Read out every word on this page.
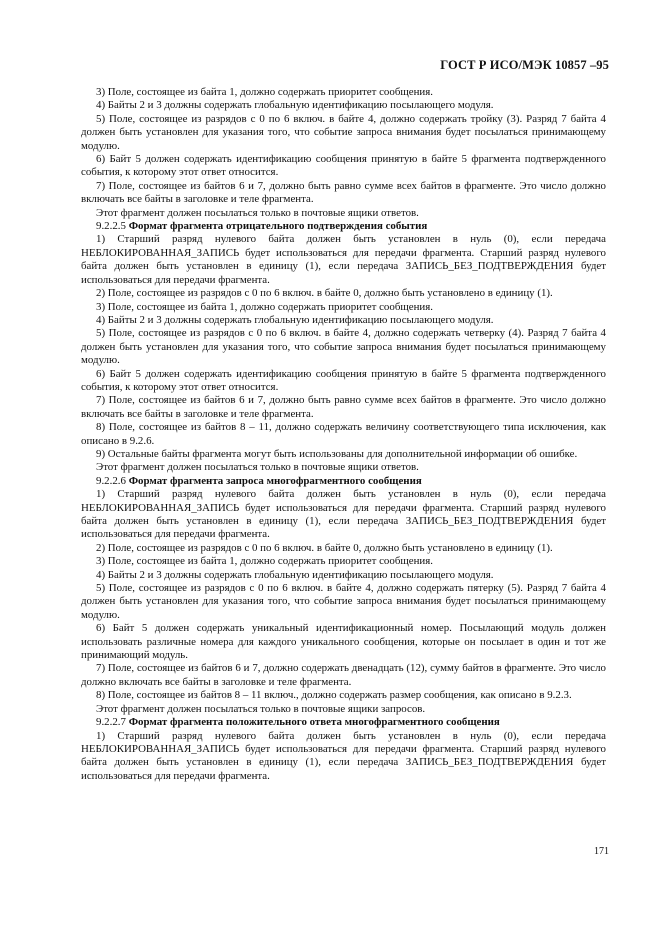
ГОСТ Р ИСО/МЭК 10857 –95

3) Поле, состоящее из байта 1, должно содержать приоритет сообщения.

4) Байты 2 и 3 должны содержать глобальную идентификацию посылающего модуля.

5) Поле, состоящее из разрядов с 0 по 6 включ. в байте 4, должно содержать тройку (3). Разряд 7 байта 4 должен быть установлен для указания того, что событие запроса внимания будет посылаться принимающему модулю.

6) Байт 5 должен содержать идентификацию сообщения принятую в байте 5 фрагмента подтвержденного события, к которому этот ответ относится.

7) Поле, состоящее из байтов 6 и 7, должно быть равно сумме всех байтов в фрагменте. Это число должно включать все байты в заголовке и теле фрагмента.

Этот фрагмент должен посылаться только в почтовые ящики ответов.

9.2.2.5 Формат фрагмента отрицательного подтверждения события

1) Старший разряд нулевого байта должен быть установлен в нуль (0), если передача НЕБЛОКИРОВАННАЯ_ЗАПИСЬ будет использоваться для передачи фрагмента. Старший разряд нулевого байта должен быть установлен в единицу (1), если передача ЗАПИСЬ_БЕЗ_ПОДТВЕРЖДЕНИЯ будет использоваться для передачи фрагмента.

2) Поле, состоящее из разрядов с 0 по 6 включ. в байте 0, должно быть установлено в единицу (1).

3) Поле, состоящее из байта 1, должно содержать приоритет сообщения.

4) Байты 2 и 3 должны содержать глобальную идентификацию посылающего модуля.

5) Поле, состоящее из разрядов с 0 по 6 включ. в байте 4, должно содержать четверку (4). Разряд 7 байта 4 должен быть установлен для указания того, что событие запроса внимания будет посылаться принимающему модулю.

6) Байт 5 должен содержать идентификацию сообщения принятую в байте 5 фрагмента подтвержденного события, к которому этот ответ относится.

7) Поле, состоящее из байтов 6 и 7, должно быть равно сумме всех байтов в фрагменте. Это число должно включать все байты в заголовке и теле фрагмента.

8) Поле, состоящее из байтов 8 – 11, должно содержать величину соответствующего типа исключения, как описано в 9.2.6.

9) Остальные байты фрагмента могут быть использованы для дополнительной информации об ошибке.

Этот фрагмент должен посылаться только в почтовые ящики ответов.

9.2.2.6 Формат фрагмента запроса многофрагментного сообщения

1) Старший разряд нулевого байта должен быть установлен в нуль (0), если передача НЕБЛОКИРОВАННАЯ_ЗАПИСЬ будет использоваться для передачи фрагмента. Старший разряд нулевого байта должен быть установлен в единицу (1), если передача ЗАПИСЬ_БЕЗ_ПОДТВЕРЖДЕНИЯ будет использоваться для передачи фрагмента.

2) Поле, состоящее из разрядов с 0 по 6 включ. в байте 0, должно быть установлено в единицу (1).

3) Поле, состоящее из байта 1, должно содержать приоритет сообщения.

4) Байты 2 и 3 должны содержать глобальную идентификацию посылающего модуля.

5) Поле, состоящее из разрядов с 0 по 6 включ. в байте 4, должно содержать пятерку (5). Разряд 7 байта 4 должен быть установлен для указания того, что событие запроса внимания будет посылаться принимающему модулю.

6) Байт 5 должен содержать уникальный идентификационный номер. Посылающий модуль должен использовать различные номера для каждого уникального сообщения, которые он посылает в один и тот же принимающий модуль.

7) Поле, состоящее из байтов 6 и 7, должно содержать двенадцать (12), сумму байтов в фрагменте. Это число должно включать все байты в заголовке и теле фрагмента.

8) Поле, состоящее из байтов 8 – 11 включ., должно содержать размер сообщения, как описано в 9.2.3.

Этот фрагмент должен посылаться только в почтовые ящики запросов.

9.2.2.7 Формат фрагмента положительного ответа многофрагментного сообщения

1) Старший разряд нулевого байта должен быть установлен в нуль (0), если передача НЕБЛОКИРОВАННАЯ_ЗАПИСЬ будет использоваться для передачи фрагмента. Старший разряд нулевого байта должен быть установлен в единицу (1), если передача ЗАПИСЬ_БЕЗ_ПОДТВЕРЖДЕНИЯ будет использоваться для передачи фрагмента.

171
